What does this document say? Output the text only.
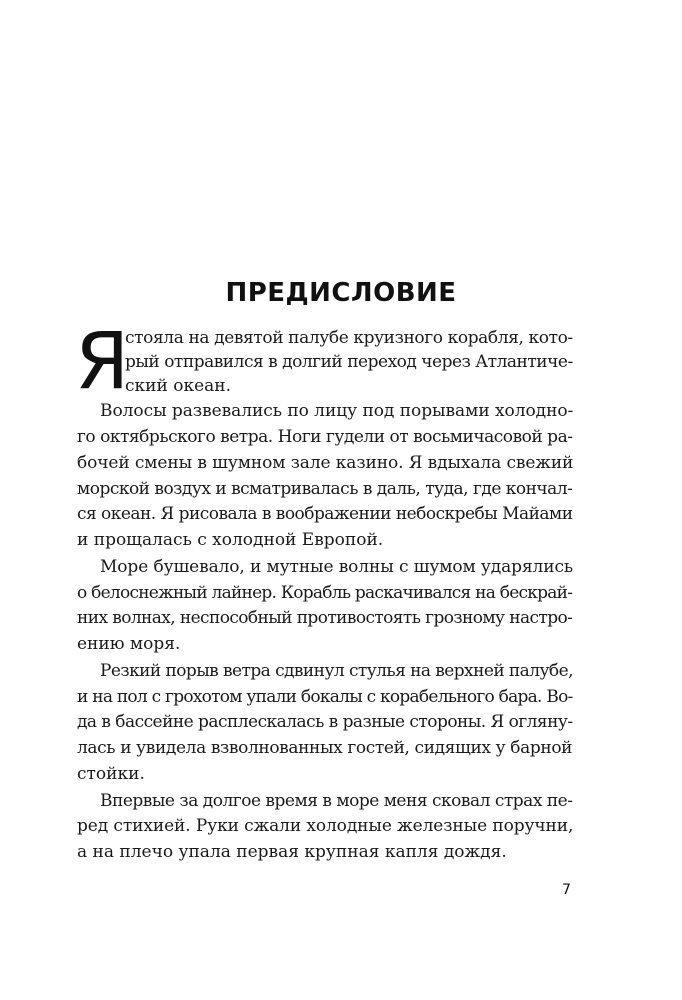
ПРЕДИСЛОВИЕ
Я
стояла на девятой палубе круизного корабля, кото-
рый отправился в долгий переход через Атлантиче-
ский океан.
Волосы развевались по лицу под порывами холодно-
го октябрьского ветра. Ноги гудели от восьмичасовой ра-
бочей смены в шумном зале казино. Я вдыхала свежий
морской воздух и всматривалась в даль, туда, где кончал-
ся океан. Я рисовала в воображении небоскребы Майами
и прощалась с холодной Европой.
Море бушевало, и мутные волны с шумом ударялись
о белоснежный лайнер. Корабль раскачивался на бескрай-
них волнах, неспособный противостоять грозному настро-
ению моря.
Резкий порыв ветра сдвинул стулья на верхней палубе,
и на пол с грохотом упали бокалы с корабельного бара. Во-
да в бассейне расплескалась в разные стороны. Я огляну-
лась и увидела взволнованных гостей, сидящих у барной
стойки.
Впервые за долгое время в море меня сковал страх пе-
ред стихией. Руки сжали холодные железные поручни,
а на плечо упала первая крупная капля дождя.
7
